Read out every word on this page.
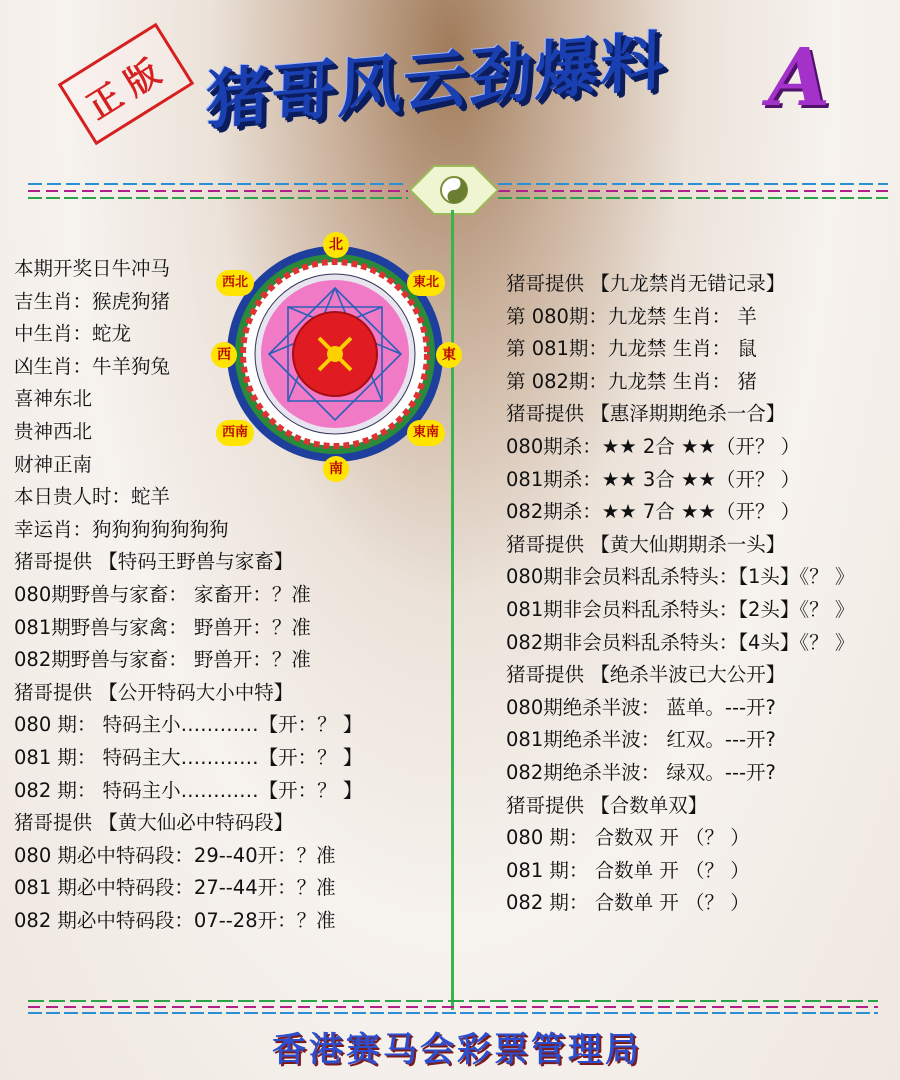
正版 猪哥风云劲爆料	A
北
東北
東
東南
南
西南
西
西北
本期开奖日牛冲马
吉生肖：猴虎狗猪
中生肖：蛇龙
凶生肖：牛羊狗兔
喜神东北
贵神西北
财神正南
本日贵人时：蛇羊
幸运肖：狗狗狗狗狗狗狗
猪哥提供 【特码王野兽与家畜】
080期野兽与家畜： 家畜开：？准
081期野兽与家禽： 野兽开：？准
082期野兽与家畜： 野兽开：？准
猪哥提供 【公开特码大小中特】
080 期： 特码主小…………【开：？ 】
081 期： 特码主大…………【开：？ 】
082 期： 特码主小…………【开：？ 】
猪哥提供 【黄大仙必中特码段】
080 期必中特码段：29--40开：？准
081 期必中特码段：27--44开：？准
082 期必中特码段：07--28开：？准
猪哥提供 【九龙禁肖无错记录】
第 080期：九龙禁 生肖： 羊
第 081期：九龙禁 生肖： 鼠
第 082期：九龙禁 生肖： 猪
猪哥提供 【惠泽期期绝杀一合】
080期杀：★★ 2合 ★★（开？ ）
081期杀：★★ 3合 ★★（开？ ）
082期杀：★★ 7合 ★★（开？ ）
猪哥提供 【黄大仙期期杀一头】
080期非会员料乱杀特头：【1头】《？ 》
081期非会员料乱杀特头：【2头】《？ 》
082期非会员料乱杀特头：【4头】《？ 》
猪哥提供 【绝杀半波已大公开】
080期绝杀半波： 蓝单。---开?
081期绝杀半波： 红双。---开?
082期绝杀半波： 绿双。---开?
猪哥提供 【合数单双】
080 期： 合数双 开 （？ ）
081 期： 合数单 开 （？ ）
082 期： 合数单 开 （？ ）
香港赛马会彩票管理局
